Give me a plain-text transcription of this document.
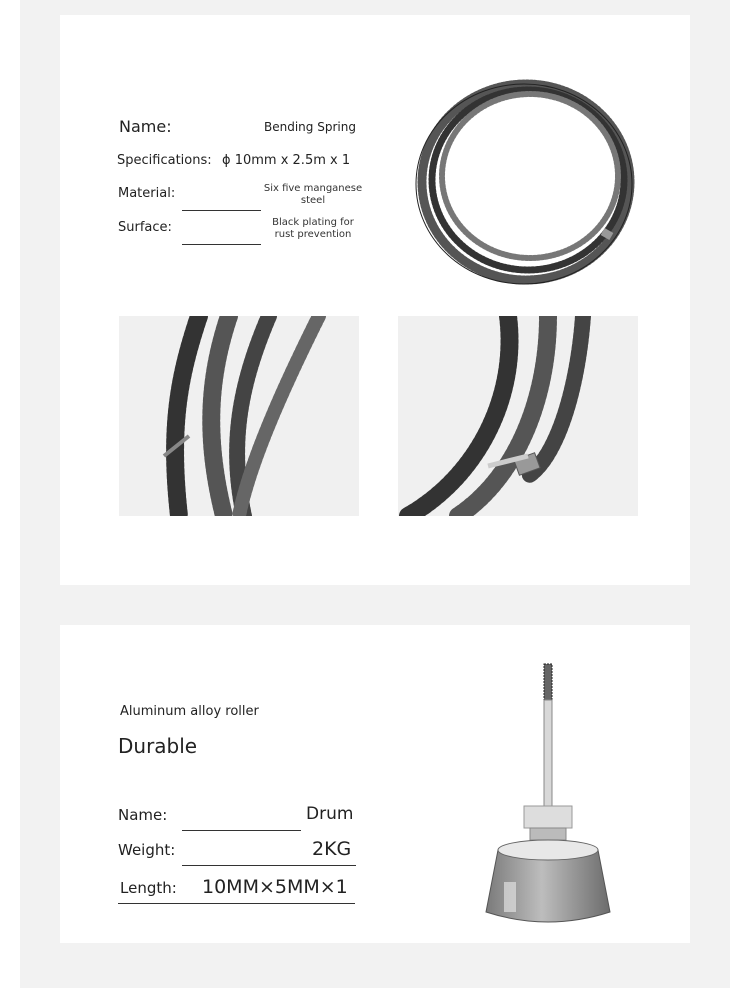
Name:	Bending Spring
Specifications: ϕ 10mm x 2.5m x 1
Material:	Six five manganese
steel
Surface:	Black plating for
rust prevention
Aluminum alloy roller
Durable
Name:	Drum
Weight:	2KG
Length: 10MM×5MM×1
